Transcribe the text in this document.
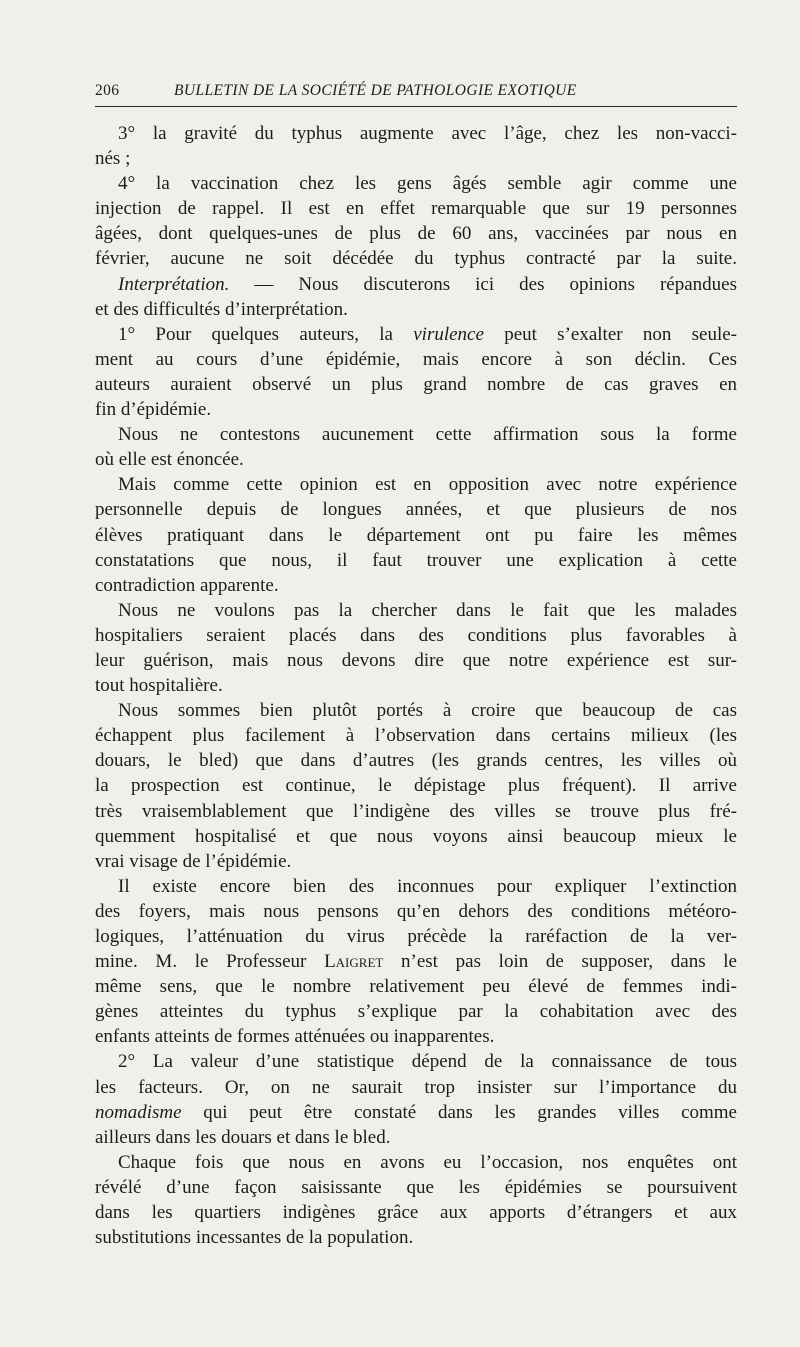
206	BULLETIN DE LA SOCIÉTÉ DE PATHOLOGIE EXOTIQUE
3° la gravité du typhus augmente avec l’âge, chez les non-vacci-
nés ;
4° la vaccination chez les gens âgés semble agir comme une
injection de rappel. Il est en effet remarquable que sur 19 personnes
âgées, dont quelques-unes de plus de 60 ans, vaccinées par nous en
février, aucune ne soit décédée du typhus contracté par la suite.
Interprétation. — Nous discuterons ici des opinions répandues
et des difficultés d’interprétation.
1° Pour quelques auteurs, la virulence peut s’exalter non seule-
ment au cours d’une épidémie, mais encore à son déclin. Ces
auteurs auraient observé un plus grand nombre de cas graves en
fin d’épidémie.
Nous ne contestons aucunement cette affirmation sous la forme
où elle est énoncée.
Mais comme cette opinion est en opposition avec notre expérience
personnelle depuis de longues années, et que plusieurs de nos
élèves pratiquant dans le département ont pu faire les mêmes
constatations que nous, il faut trouver une explication à cette
contradiction apparente.
Nous ne voulons pas la chercher dans le fait que les malades
hospitaliers seraient placés dans des conditions plus favorables à
leur guérison, mais nous devons dire que notre expérience est sur-
tout hospitalière.
Nous sommes bien plutôt portés à croire que beaucoup de cas
échappent plus facilement à l’observation dans certains milieux (les
douars, le bled) que dans d’autres (les grands centres, les villes où
la prospection est continue, le dépistage plus fréquent). Il arrive
très vraisemblablement que l’indigène des villes se trouve plus fré-
quemment hospitalisé et que nous voyons ainsi beaucoup mieux le
vrai visage de l’épidémie.
Il existe encore bien des inconnues pour expliquer l’extinction
des foyers, mais nous pensons qu’en dehors des conditions météoro-
logiques, l’atténuation du virus précède la raréfaction de la ver-
mine. M. le Professeur Laigret n’est pas loin de supposer, dans le
même sens, que le nombre relativement peu élevé de femmes indi-
gènes atteintes du typhus s’explique par la cohabitation avec des
enfants atteints de formes atténuées ou inapparentes.
2° La valeur d’une statistique dépend de la connaissance de tous
les facteurs. Or, on ne saurait trop insister sur l’importance du
nomadisme qui peut être constaté dans les grandes villes comme
ailleurs dans les douars et dans le bled.
Chaque fois que nous en avons eu l’occasion, nos enquêtes ont
révélé d’une façon saisissante que les épidémies se poursuivent
dans les quartiers indigènes grâce aux apports d’étrangers et aux
substitutions incessantes de la population.
